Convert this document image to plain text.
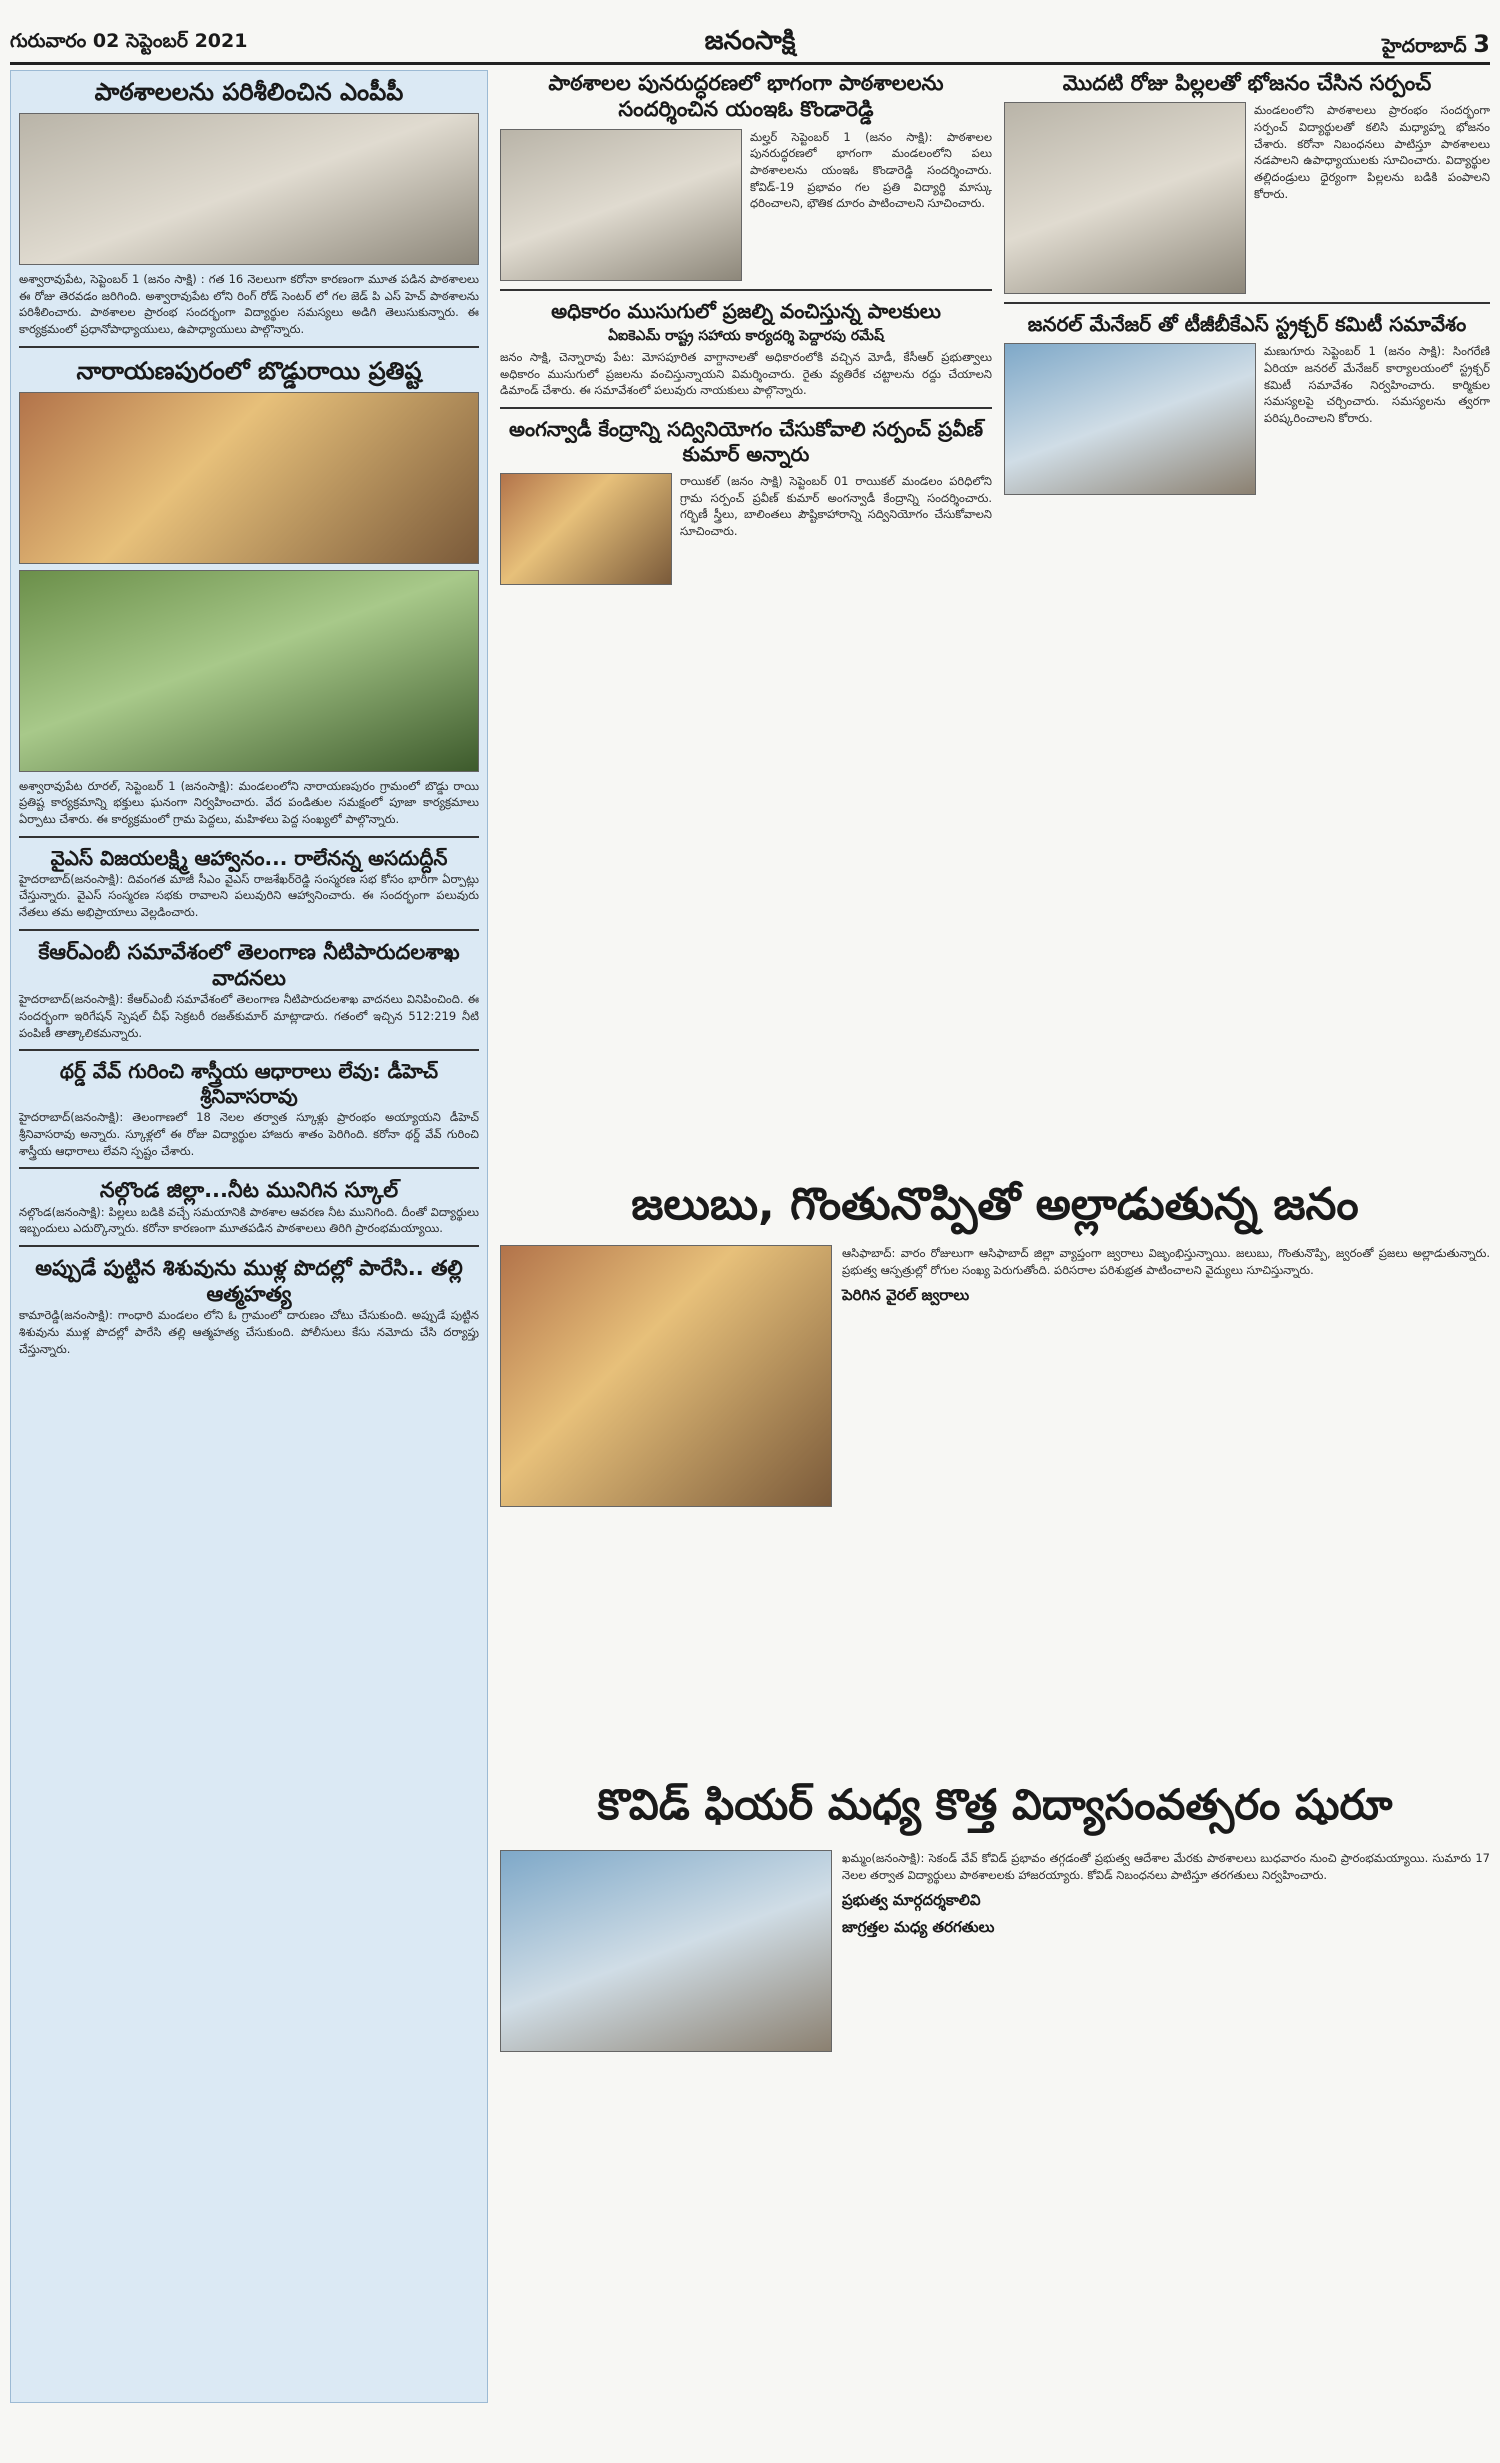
గురువారం 02 సెప్టెంబర్ 2021	జనంసాక్షి	హైదరాబాద్ 3
పాఠశాలలను పరిశీలించిన ఎంపీపీ
అశ్వారావుపేట, సెప్టెంబర్ 1 (జనం సాక్షి) : గత 16 నెలలుగా కరోనా కారణంగా మూత పడిన పాఠశాలలు ఈ రోజు తెరవడం జరిగింది. అశ్వారావుపేట లోని రింగ్ రోడ్ సెంటర్ లో గల జెడ్ పి ఎస్ హెచ్ పాఠశాలను పరిశీలించారు. పాఠశాలల ప్రారంభ సందర్భంగా విద్యార్థుల సమస్యలు అడిగి తెలుసుకున్నారు. ఈ కార్యక్రమంలో ప్రధానోపాధ్యాయులు, ఉపాధ్యాయులు పాల్గొన్నారు.
నారాయణపురంలో బొడ్డురాయి ప్రతిష్ట
అశ్వారావుపేట రూరల్, సెప్టెంబర్ 1 (జనంసాక్షి): మండలంలోని నారాయణపురం గ్రామంలో బొడ్డు రాయి ప్రతిష్ట కార్యక్రమాన్ని భక్తులు ఘనంగా నిర్వహించారు. వేద పండితుల సమక్షంలో పూజా కార్యక్రమాలు ఏర్పాటు చేశారు. ఈ కార్యక్రమంలో గ్రామ పెద్దలు, మహిళలు పెద్ద సంఖ్యలో పాల్గొన్నారు.
వైఎస్ విజయలక్ష్మి ఆహ్వానం... రాలేనన్న అసదుద్దీన్
హైదరాబాద్(జనంసాక్షి): దివంగత మాజీ సీఎం వైఎస్ రాజశేఖర్‌రెడ్డి సంస్మరణ సభ కోసం భారీగా ఏర్పాట్లు చేస్తున్నారు. వైఎస్ సంస్మరణ సభకు రావాలని పలువురిని ఆహ్వానించారు. ఈ సందర్భంగా పలువురు నేతలు తమ అభిప్రాయాలు వెల్లడించారు.
కేఆర్‌ఎంబీ సమావేశంలో తెలంగాణ నీటిపారుదలశాఖ వాదనలు
హైదరాబాద్(జనంసాక్షి): కేఆర్‌ఎంబీ సమావేశంలో తెలంగాణ నీటిపారుదలశాఖ వాదనలు వినిపించింది. ఈ సందర్భంగా ఇరిగేషన్ స్పెషల్ చీఫ్ సెక్రటరీ రజత్‌కుమార్ మాట్లాడారు. గతంలో ఇచ్చిన 512:219 నీటి పంపిణీ తాత్కాలికమన్నారు.
థర్డ్ వేవ్ గురించి శాస్త్రీయ ఆధారాలు లేవు: డీహెచ్ శ్రీనివాసరావు
హైదరాబాద్(జనంసాక్షి): తెలంగాణలో 18 నెలల తర్వాత స్కూళ్లు ప్రారంభం అయ్యాయని డీహెచ్ శ్రీనివాసరావు అన్నారు. స్కూళ్లలో ఈ రోజు విద్యార్థుల హాజరు శాతం పెరిగింది. కరోనా థర్డ్ వేవ్ గురించి శాస్త్రీయ ఆధారాలు లేవని స్పష్టం చేశారు.
నల్గొండ జిల్లా...నీట మునిగిన స్కూల్
నల్గొండ(జనంసాక్షి): పిల్లలు బడికి వచ్చే సమయానికి పాఠశాల ఆవరణ నీట మునిగింది. దీంతో విద్యార్థులు ఇబ్బందులు ఎదుర్కొన్నారు. కరోనా కారణంగా మూతపడిన పాఠశాలలు తిరిగి ప్రారంభమయ్యాయి.
అప్పుడే పుట్టిన శిశువును ముళ్ల పొదల్లో పారేసి.. తల్లి ఆత్మహత్య
కామారెడ్డి(జనంసాక్షి): గాంధారి మండలం లోని ఓ గ్రామంలో దారుణం చోటు చేసుకుంది. అప్పుడే పుట్టిన శిశువును ముళ్ల పొదల్లో పారేసి తల్లి ఆత్మహత్య చేసుకుంది. పోలీసులు కేసు నమోదు చేసి దర్యాప్తు చేస్తున్నారు.
పాఠశాలల పునరుద్ధరణలో భాగంగా పాఠశాలలను సందర్శించిన యంఇఓ కొండారెడ్డి
మల్హర్ సెప్టెంబర్ 1 (జనం సాక్షి): పాఠశాలల పునరుద్ధరణలో భాగంగా మండలంలోని పలు పాఠశాలలను యంఇఓ కొండారెడ్డి సందర్శించారు. కోవిడ్-19 ప్రభావం గల ప్రతి విద్యార్థి మాస్కు ధరించాలని, భౌతిక దూరం పాటించాలని సూచించారు.
అధికారం ముసుగులో ప్రజల్ని వంచిస్తున్న పాలకులు
ఏఐకెఎమ్ రాష్ట్ర సహాయ కార్యదర్శి పెద్దారపు రమేష్
జనం సాక్షి, చెన్నారావు పేట: మోసపూరిత వాగ్దానాలతో అధికారంలోకి వచ్చిన మోడీ, కేసీఆర్ ప్రభుత్వాలు అధికారం ముసుగులో ప్రజలను వంచిస్తున్నాయని విమర్శించారు. రైతు వ్యతిరేక చట్టాలను రద్దు చేయాలని డిమాండ్ చేశారు. ఈ సమావేశంలో పలువురు నాయకులు పాల్గొన్నారు.
అంగన్వాడీ కేంద్రాన్ని సద్వినియోగం చేసుకోవాలి సర్పంచ్ ప్రవీణ్ కుమార్ అన్నారు
రాయికల్ (జనం సాక్షి) సెప్టెంబర్ 01 రాయికల్ మండలం పరిధిలోని గ్రామ సర్పంచ్ ప్రవీణ్ కుమార్ అంగన్వాడీ కేంద్రాన్ని సందర్శించారు. గర్భిణీ స్త్రీలు, బాలింతలు పౌష్టికాహారాన్ని సద్వినియోగం చేసుకోవాలని సూచించారు.
మొదటి రోజు పిల్లలతో భోజనం చేసిన సర్పంచ్
మండలంలోని పాఠశాలలు ప్రారంభం సందర్భంగా సర్పంచ్ విద్యార్థులతో కలిసి మధ్యాహ్న భోజనం చేశారు. కరోనా నిబంధనలు పాటిస్తూ పాఠశాలలు నడపాలని ఉపాధ్యాయులకు సూచించారు. విద్యార్థుల తల్లిదండ్రులు ధైర్యంగా పిల్లలను బడికి పంపాలని కోరారు.
జనరల్ మేనేజర్ తో టీజీబీకేఎస్ స్ట్రక్చర్ కమిటీ సమావేశం
మణుగూరు సెప్టెంబర్ 1 (జనం సాక్షి): సింగరేణి ఏరియా జనరల్ మేనేజర్ కార్యాలయంలో స్ట్రక్చర్ కమిటీ సమావేశం నిర్వహించారు. కార్మికుల సమస్యలపై చర్చించారు. సమస్యలను త్వరగా పరిష్కరించాలని కోరారు.
జలుబు, గొంతునొప్పితో అల్లాడుతున్న జనం
ఆసిఫాబాద్: వారం రోజులుగా ఆసిఫాబాద్ జిల్లా వ్యాప్తంగా జ్వరాలు విజృంభిస్తున్నాయి. జలుబు, గొంతునొప్పి, జ్వరంతో ప్రజలు అల్లాడుతున్నారు. ప్రభుత్వ ఆస్పత్రుల్లో రోగుల సంఖ్య పెరుగుతోంది. పరిసరాల పరిశుభ్రత పాటించాలని వైద్యులు సూచిస్తున్నారు.
పెరిగిన వైరల్ జ్వరాలు
కొవిడ్ ఫియర్ మధ్య కొత్త విద్యాసంవత్సరం షురూ
ఖమ్మం(జనంసాక్షి): సెకండ్ వేవ్ కోవిడ్ ప్రభావం తగ్గడంతో ప్రభుత్వ ఆదేశాల మేరకు పాఠశాలలు బుధవారం నుంచి ప్రారంభమయ్యాయి. సుమారు 17 నెలల తర్వాత విద్యార్థులు పాఠశాలలకు హాజరయ్యారు. కోవిడ్ నిబంధనలు పాటిస్తూ తరగతులు నిర్వహించారు.
ప్రభుత్వ మార్గదర్శకాలివి
జాగ్రత్తల మధ్య తరగతులు
